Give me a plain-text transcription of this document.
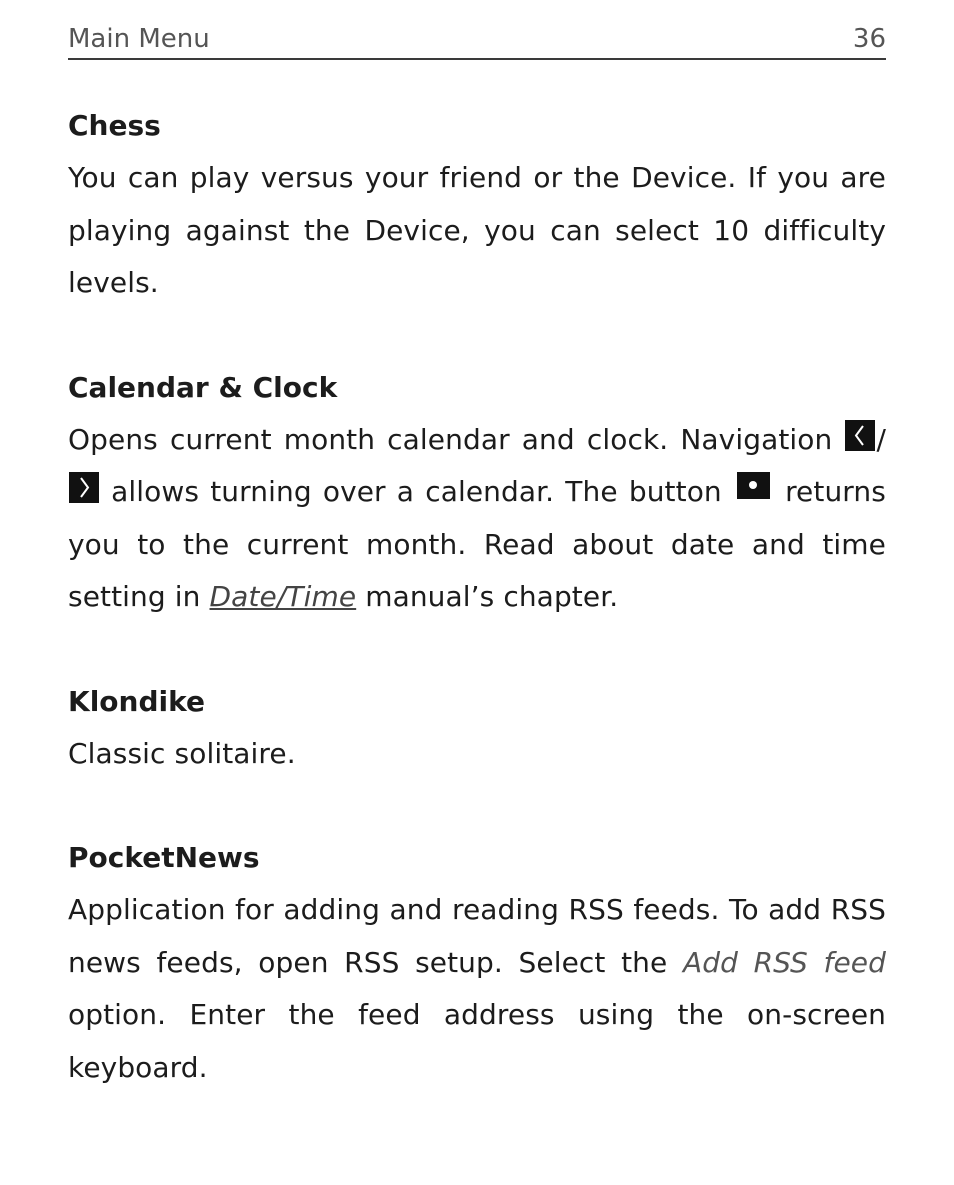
Main Menu	36
Chess

You can play versus your friend or the Device. If you are playing against the Device, you can select 10 difficulty levels.

Calendar & Clock

Opens current month calendar and clock. Navigation /
allows turning over a calendar. The button returns you to the current month. Read about date and time setting in Date/Time manual’s chapter.

Klondike

Classic solitaire.

PocketNews

Application for adding and reading RSS feeds. To add RSS news feeds, open RSS setup. Select the Add RSS feed option. Enter the feed address using the on-screen keyboard.
